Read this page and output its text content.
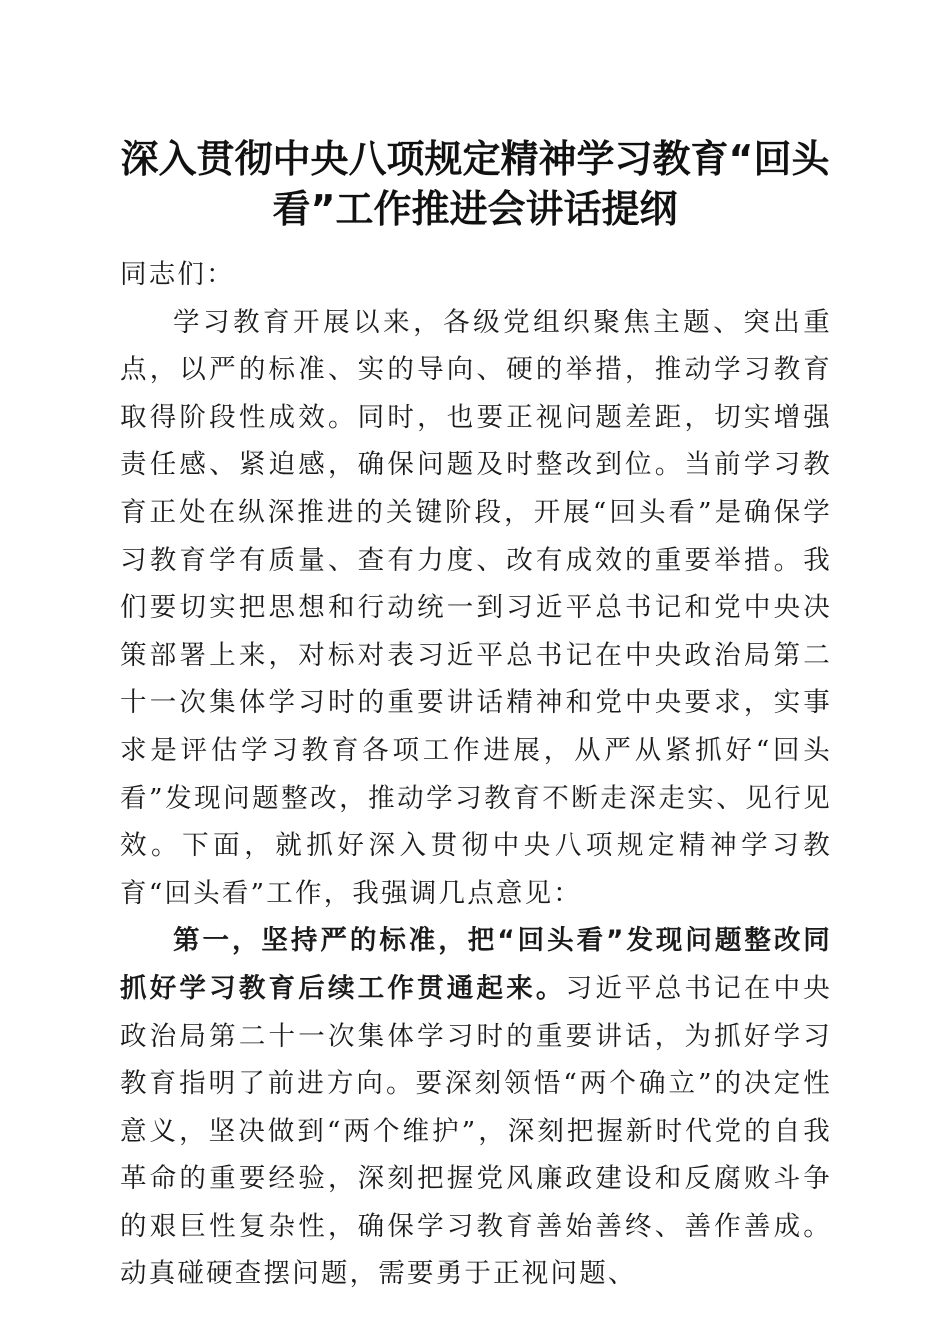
深入贯彻中央八项规定精神学习教育“回头看”工作推进会讲话提纲

同志们：

学习教育开展以来，各级党组织聚焦主题、突出重点，以严的标准、实的导向、硬的举措，推动学习教育取得阶段性成效。同时，也要正视问题差距，切实增强责任感、紧迫感，确保问题及时整改到位。当前学习教育正处在纵深推进的关键阶段，开展“回头看”是确保学习教育学有质量、查有力度、改有成效的重要举措。我们要切实把思想和行动统一到习近平总书记和党中央决策部署上来，对标对表习近平总书记在中央政治局第二十一次集体学习时的重要讲话精神和党中央要求，实事求是评估学习教育各项工作进展，从严从紧抓好“回头看”发现问题整改，推动学习教育不断走深走实、见行见效。下面，就抓好深入贯彻中央八项规定精神学习教育“回头看”工作，我强调几点意见：

第一，坚持严的标准，把“回头看”发现问题整改同抓好学习教育后续工作贯通起来。习近平总书记在中央政治局第二十一次集体学习时的重要讲话，为抓好学习教育指明了前进方向。要深刻领悟“两个确立”的决定性意义，坚决做到“两个维护”，深刻把握新时代党的自我革命的重要经验，深刻把握党风廉政建设和反腐败斗争的艰巨性复杂性，确保学习教育善始善终、善作善成。动真碰硬查摆问题，需要勇于正视问题、
